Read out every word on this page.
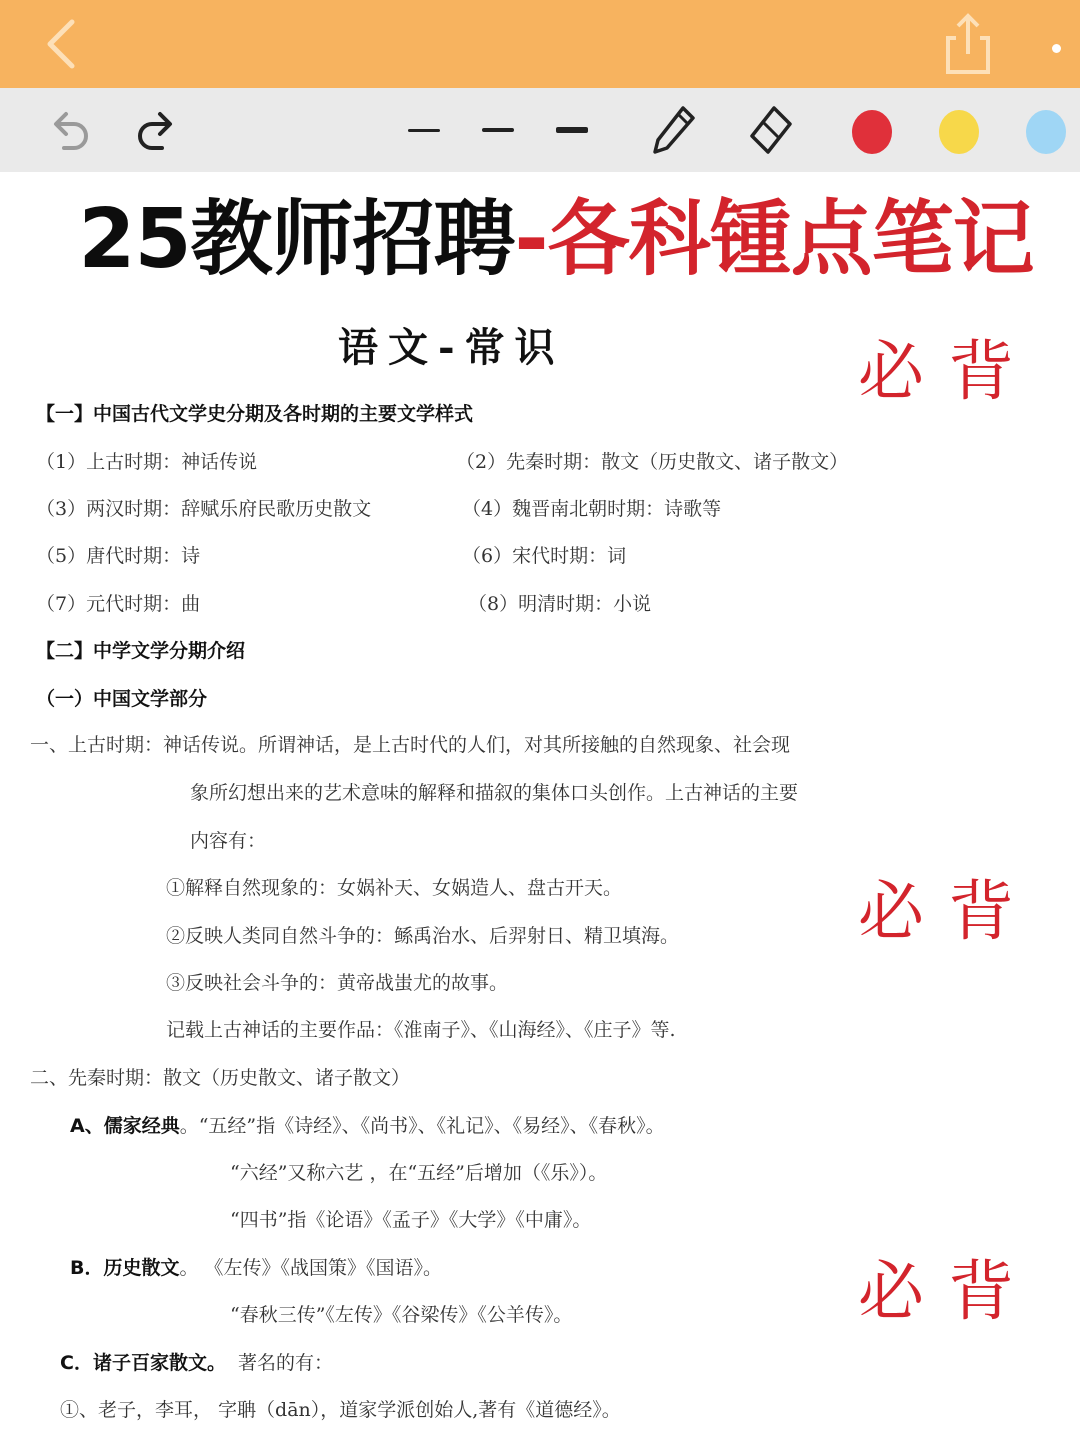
25教师招聘-各科锺点笔记
语文-常识	必背
必背
必背
【一】中国古代文学史分期及各时期的主要文学样式
（1）上古时期：神话传说	（2）先秦时期：散文（历史散文、诸子散文）
（3）两汉时期：辞赋乐府民歌历史散文	（4）魏晋南北朝时期：诗歌等
（5）唐代时期：诗	（6）宋代时期：词
（7）元代时期：曲	（8）明清时期：小说
【二】中学文学分期介绍
（一）中国文学部分
一、上古时期：神话传说。所谓神话，是上古时代的人们，对其所接触的自然现象、社会现
象所幻想出来的艺术意味的解释和描叙的集体口头创作。上古神话的主要
内容有：
①解释自然现象的：女娲补天、女娲造人、盘古开天。
②反映人类同自然斗争的：鲧禹治水、后羿射日、精卫填海。
③反映社会斗争的：黄帝战蚩尤的故事。
记载上古神话的主要作品：《淮南子》、《山海经》、《庄子》等.
二、先秦时期：散文（历史散文、诸子散文）
A、儒家经典。“五经”指《诗经》、《尚书》、《礼记》、《易经》、《春秋》。
“六经”又称六艺 ，在“五经”后增加（《乐》）。
“四书”指《论语》《孟子》《大学》《中庸》。
B．历史散文。 《左传》《战国策》《国语》。
“春秋三传”《左传》《谷梁传》《公羊传》。
C．诸子百家散文。 著名的有：
①、老子，李耳， 字聃（dān），道家学派创始人,著有《道德经》。
